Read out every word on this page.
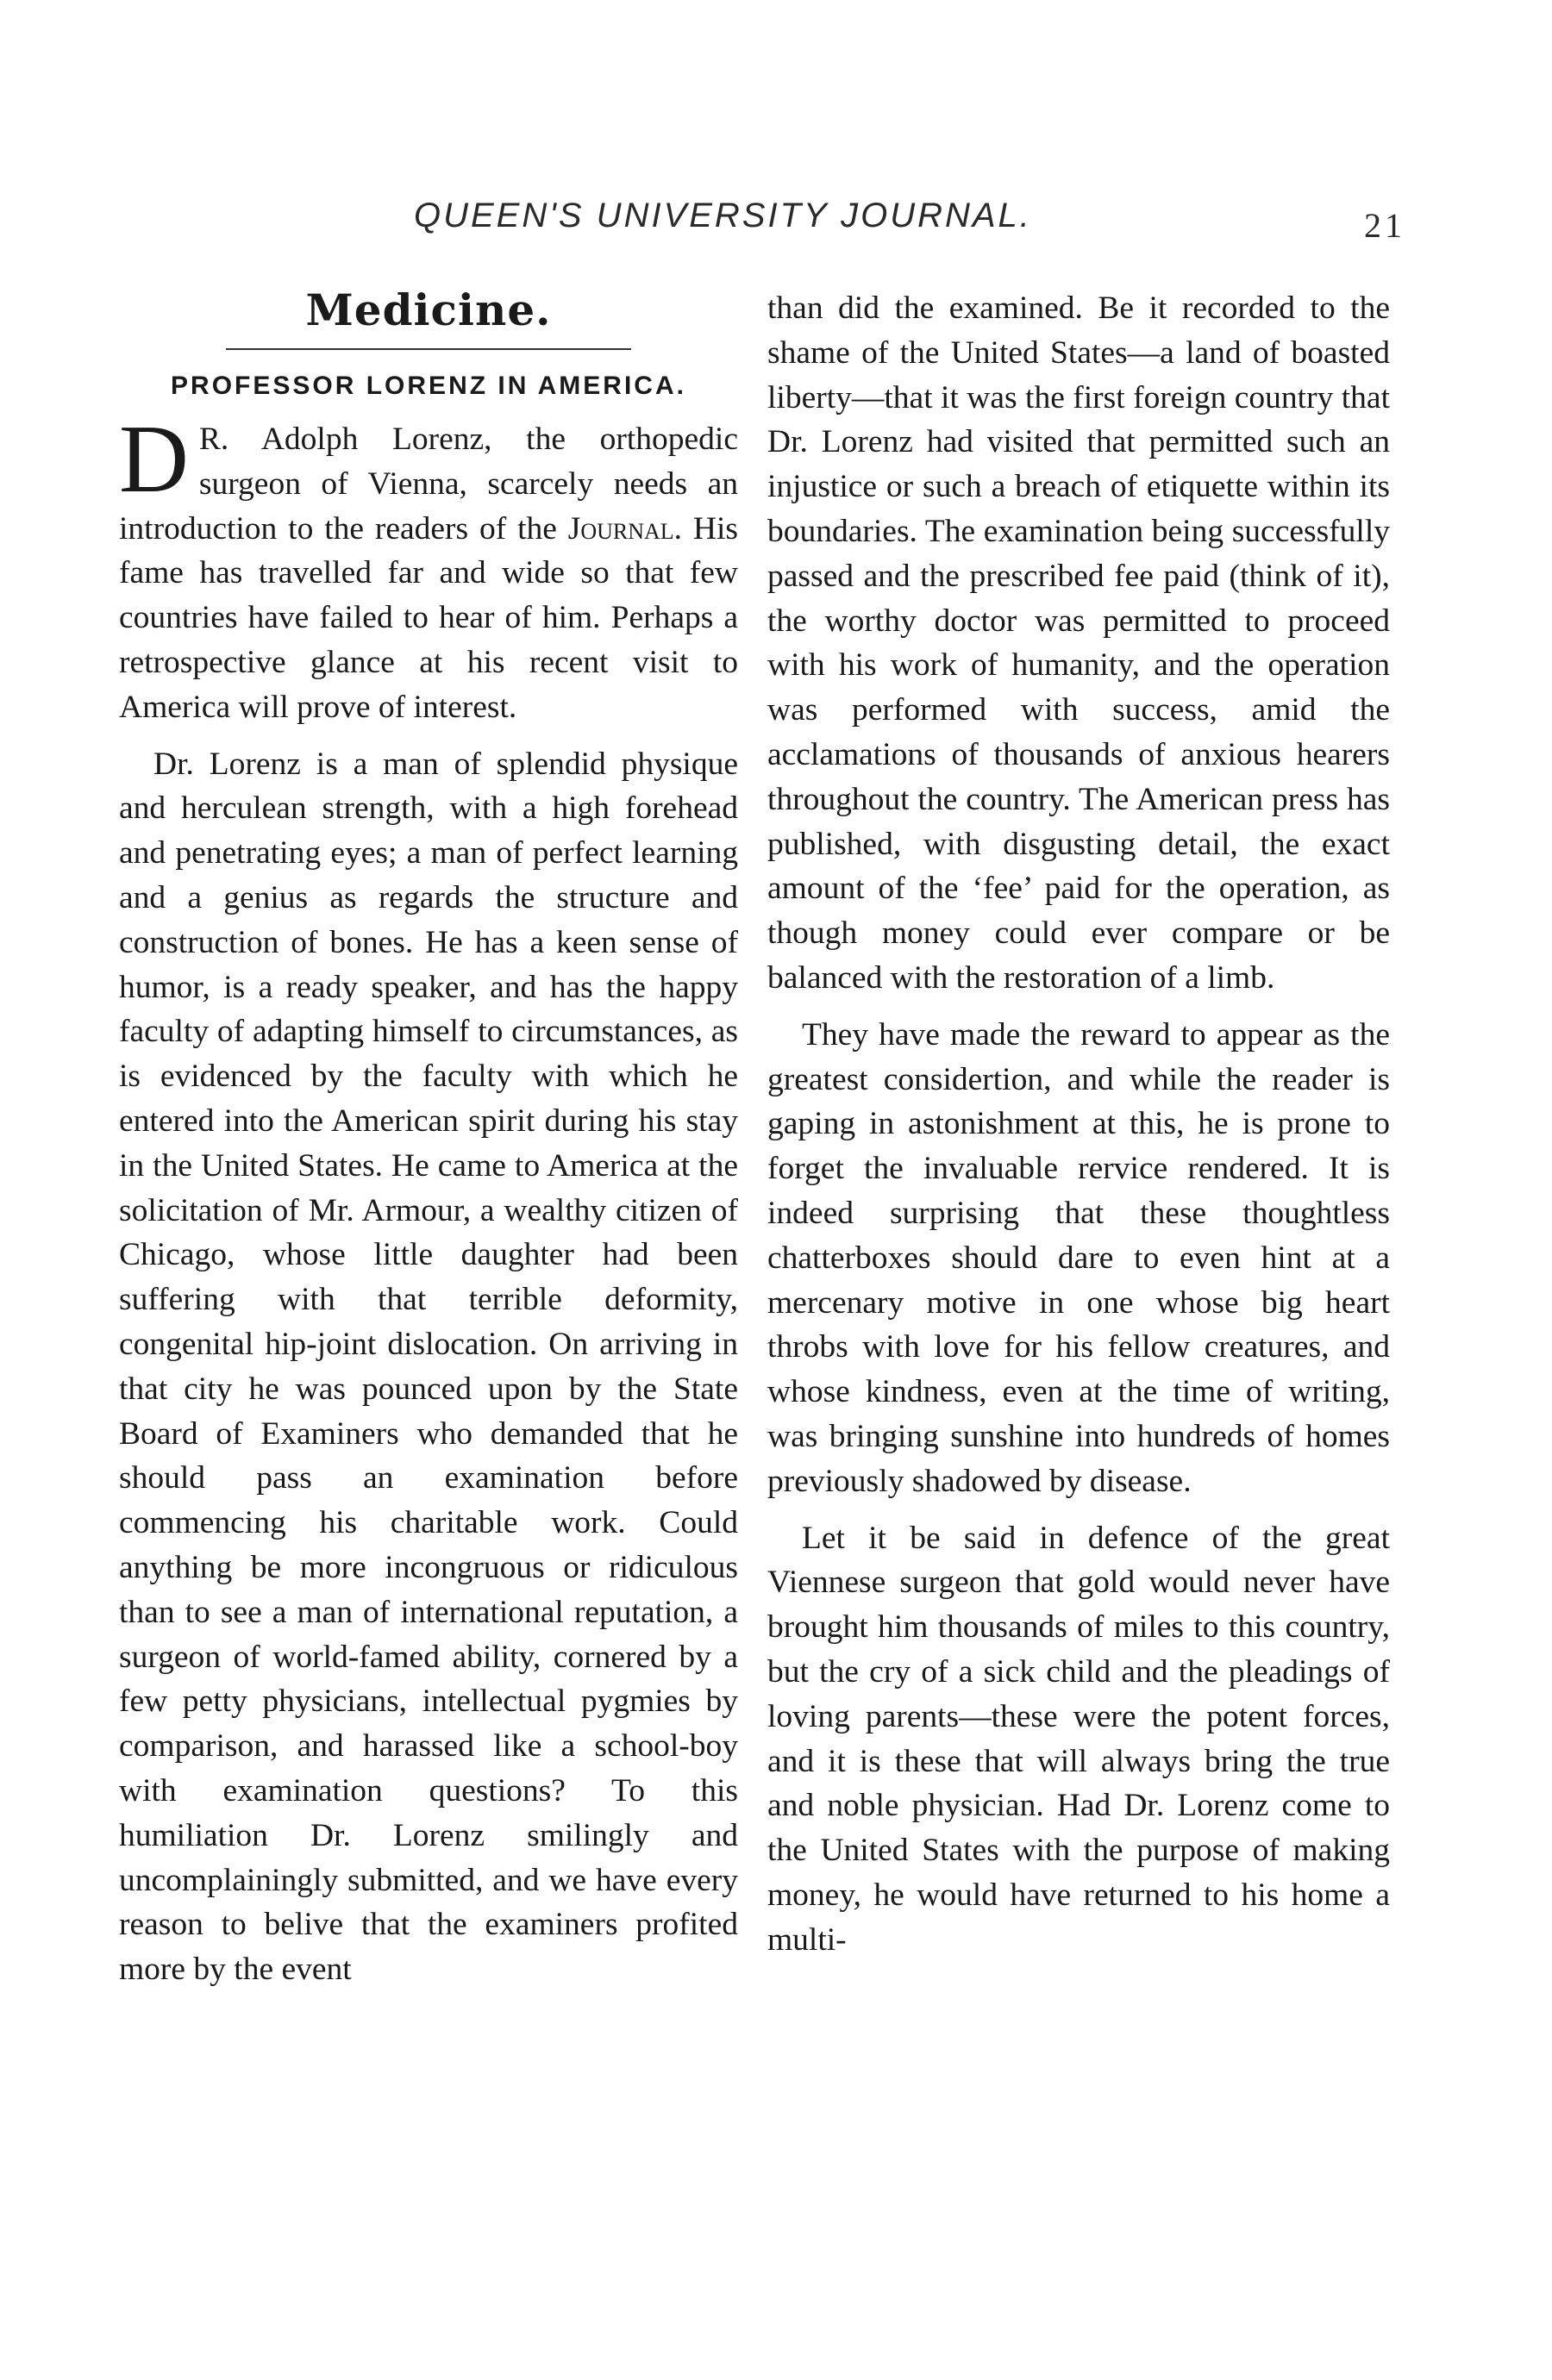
QUEEN'S UNIVERSITY JOURNAL.	21
Medicine.
PROFESSOR LORENZ IN AMERICA.

D R. Adolph Lorenz, the orthopedic surgeon of Vienna, scarcely needs an introduction to the readers of the Journal. His fame has travelled far and wide so that few countries have failed to hear of him. Perhaps a retrospective glance at his recent visit to America will prove of interest.

Dr. Lorenz is a man of splendid physique and herculean strength, with a high forehead and penetrating eyes; a man of perfect learning and a genius as regards the structure and construction of bones. He has a keen sense of humor, is a ready speaker, and has the happy faculty of adapting himself to circumstances, as is evidenced by the faculty with which he entered into the American spirit during his stay in the United States. He came to America at the solicitation of Mr. Armour, a wealthy citizen of Chicago, whose little daughter had been suffering with that terrible deformity, congenital hip-joint dislocation. On arriving in that city he was pounced upon by the State Board of Examiners who demanded that he should pass an examination before commencing his charitable work. Could anything be more incongruous or ridiculous than to see a man of international reputation, a surgeon of world-famed ability, cornered by a few petty physicians, intellectual pygmies by comparison, and harassed like a school-boy with examination questions? To this humiliation Dr. Lorenz smilingly and uncomplainingly submitted, and we have every reason to belive that the examiners profited more by the event

than did the examined. Be it recorded to the shame of the United States—a land of boasted liberty—that it was the first foreign country that Dr. Lorenz had visited that permitted such an injustice or such a breach of etiquette within its boundaries. The examination being successfully passed and the prescribed fee paid (think of it), the worthy doctor was permitted to proceed with his work of humanity, and the operation was performed with success, amid the acclamations of thousands of anxious hearers throughout the country. The American press has published, with disgusting detail, the exact amount of the ‘fee’ paid for the operation, as though money could ever compare or be balanced with the restoration of a limb.

They have made the reward to appear as the greatest considertion, and while the reader is gaping in astonishment at this, he is prone to forget the invaluable rervice rendered. It is indeed surprising that these thoughtless chatterboxes should dare to even hint at a mercenary motive in one whose big heart throbs with love for his fellow creatures, and whose kindness, even at the time of writing, was bringing sunshine into hundreds of homes previously shadowed by disease.

Let it be said in defence of the great Viennese surgeon that gold would never have brought him thousands of miles to this country, but the cry of a sick child and the pleadings of loving parents—these were the potent forces, and it is these that will always bring the true and noble physician. Had Dr. Lorenz come to the United States with the purpose of making money, he would have returned to his home a multi-
